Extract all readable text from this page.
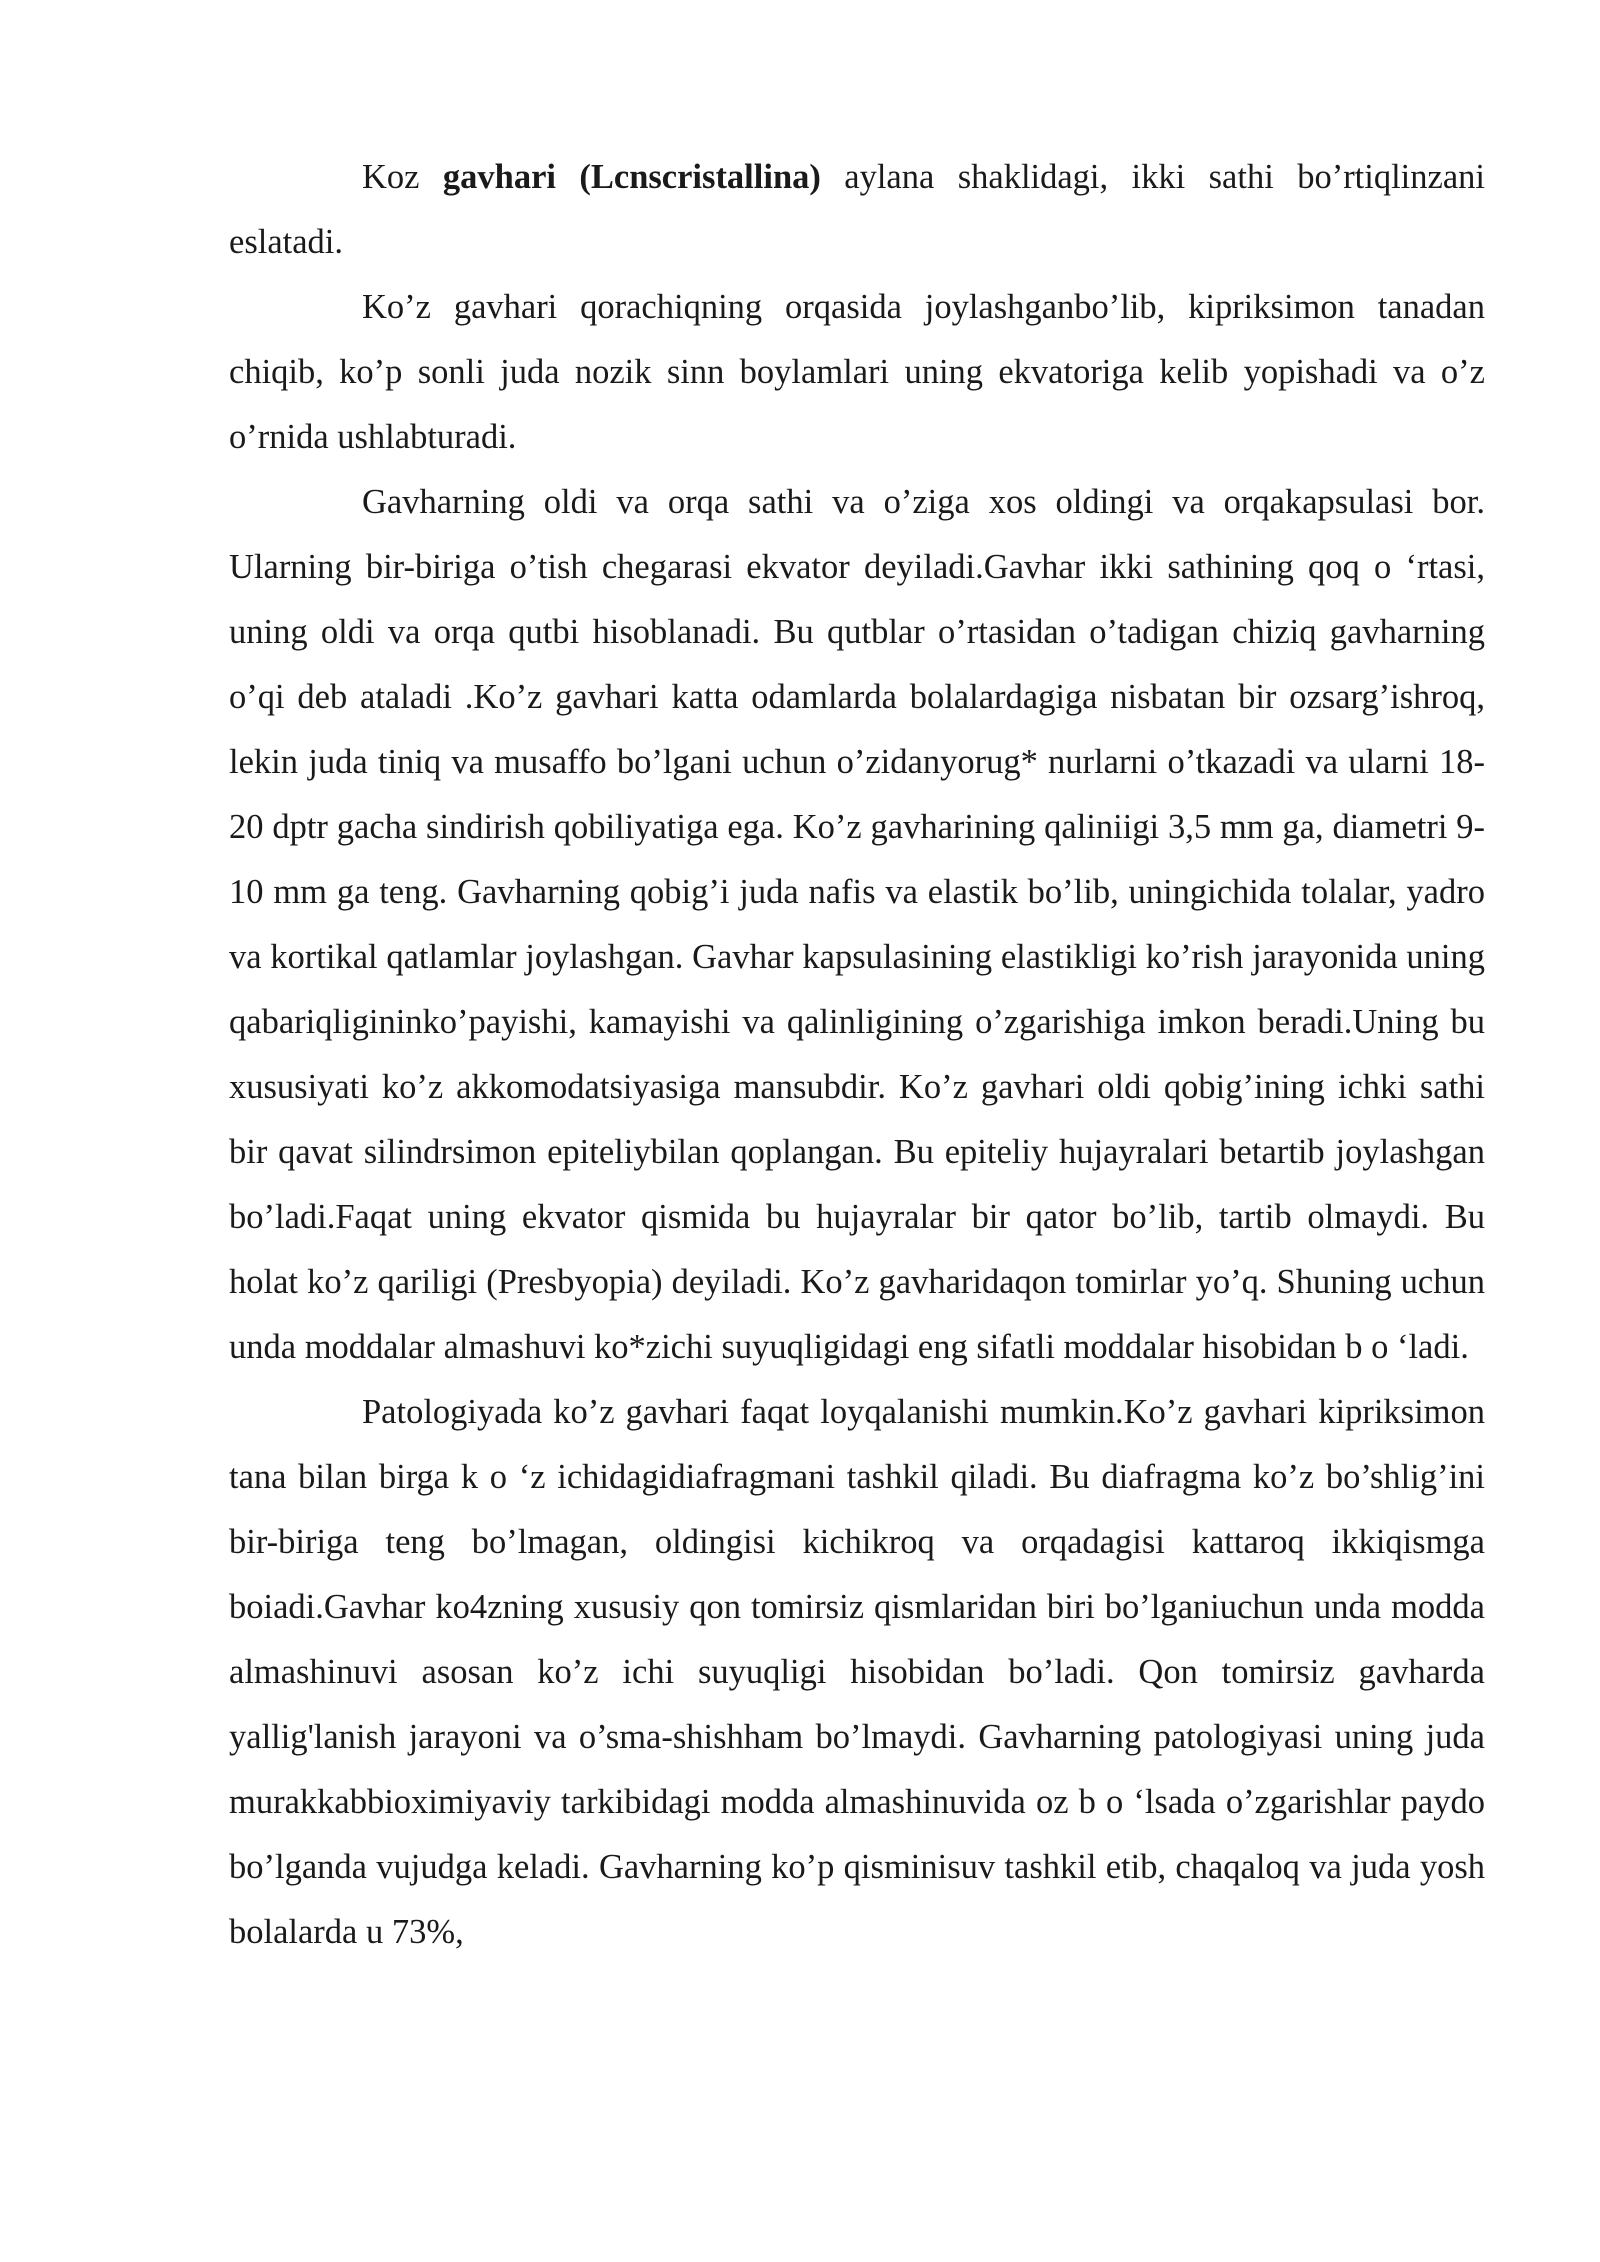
Koz gavhari (Lcnscristallina) aylana shaklidagi, ikki sathi bo’rtiqlinzani eslatadi.

Ko’z gavhari qorachiqning orqasida joylashganbo’lib, kipriksimon tanadan chiqib, ko’p sonli juda nozik sinn boylamlari uning ekvatoriga kelib yopishadi va o’z o’rnida ushlabturadi.

Gavharning oldi va orqa sathi va o’ziga xos oldingi va orqakapsulasi bor. Ularning bir-biriga o’tish chegarasi ekvator deyiladi.Gavhar ikki sathining qoq o ‘rtasi, uning oldi va orqa qutbi hisoblanadi. Bu qutblar o’rtasidan o’tadigan chiziq gavharning o’qi deb ataladi .Ko’z gavhari katta odamlarda bolalardagiga nisbatan bir ozsarg’ishroq, lekin juda tiniq va musaffo bo’lgani uchun o’zidanyorug* nurlarni o’tkazadi va ularni 18-20 dptr gacha sindirish qobiliyatiga ega. Ko’z gavharining qaliniigi 3,5 mm ga, diametri 9-10 mm ga teng. Gavharning qobig’i juda nafis va elastik bo’lib, uningichida tolalar, yadro va kortikal qatlamlar joylashgan. Gavhar kapsulasining elastikligi ko’rish jarayonida uning qabariqligininko’payishi, kamayishi va qalinligining o’zgarishiga imkon beradi.Uning bu xususiyati ko’z akkomodatsiyasiga mansubdir. Ko’z gavhari oldi qobig’ining ichki sathi bir qavat silindrsimon epiteliybilan qoplangan. Bu epiteliy hujayralari betartib joylashgan bo’ladi.Faqat uning ekvator qismida bu hujayralar bir qator bo’lib, tartib olmaydi. Bu holat ko’z qariligi (Presbyopia) deyiladi. Ko’z gavharidaqon tomirlar yo’q. Shuning uchun unda moddalar almashuvi ko*zichi suyuqligidagi eng sifatli moddalar hisobidan b o ‘ladi.

Patologiyada ko’z gavhari faqat loyqalanishi mumkin.Ko’z gavhari kipriksimon tana bilan birga k o ‘z ichidagidiafragmani tashkil qiladi. Bu diafragma ko’z bo’shlig’ini bir-biriga teng bo’lmagan, oldingisi kichikroq va orqadagisi kattaroq ikkiqismga boiadi.Gavhar ko4zning xususiy qon tomirsiz qismlaridan biri bo’lganiuchun unda modda almashinuvi asosan ko’z ichi suyuqligi hisobidan bo’ladi. Qon tomirsiz gavharda yallig'lanish jarayoni va o’sma-shishham bo’lmaydi. Gavharning patologiyasi uning juda murakkabbioximiyaviy tarkibidagi modda almashinuvida oz b o ‘lsada o’zgarishlar paydo bo’lganda vujudga keladi. Gavharning ko’p qisminisuv tashkil etib, chaqaloq va juda yosh bolalarda u 73%,
